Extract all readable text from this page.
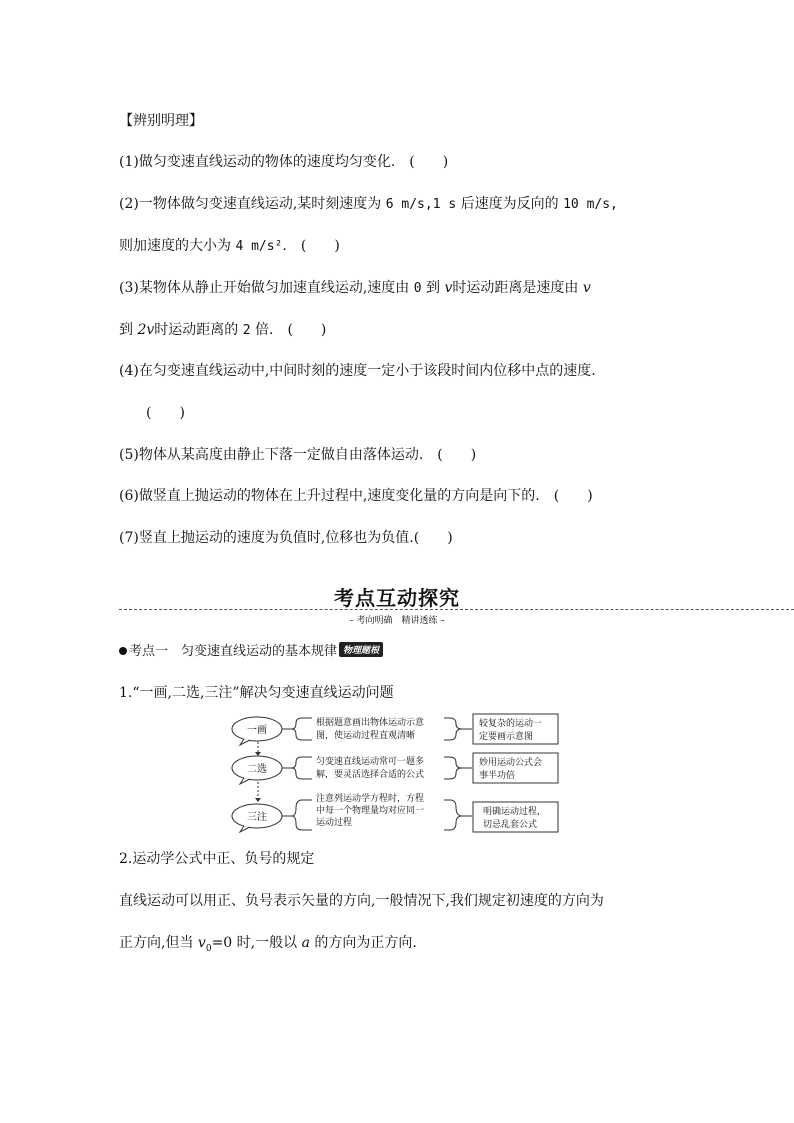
【辨别明理】
(1)做匀变速直线运动的物体的速度均匀变化.　(　　)
(2)一物体做匀变速直线运动,某时刻速度为 6 m/s,1 s 后速度为反向的 10 m/s,
则加速度的大小为 4 m/s².　(　　)
(3)某物体从静止开始做匀加速直线运动,速度由 0 到 v时运动距离是速度由 v
到 2v时运动距离的 2 倍.　(　　)
(4)在匀变速直线运动中,中间时刻的速度一定小于该段时间内位移中点的速度.
(　　)
(5)物体从某高度由静止下落一定做自由落体运动.　(　　)
(6)做竖直上抛运动的物体在上升过程中,速度变化量的方向是向下的.　(　　)
(7)竖直上抛运动的速度为负值时,位移也为负值.(　　)
考点互动探究
– 考向明确　精讲透练 –
考点一　匀变速直线运动的基本规律 物理题根
1.“一画,二选,三注”解决匀变速直线运动问题
一画
二选
三注
根据题意画出物体运动示意
图，使运动过程直观清晰
匀变速直线运动常可一题多
解，要灵活选择合适的公式
注意列运动学方程时，方程
中每一个物理量均对应同一
运动过程
较复杂的运动一
定要画示意图
妙用运动公式会
事半功倍
明确运动过程，
切忌乱套公式
2.运动学公式中正、负号的规定
直线运动可以用正、负号表示矢量的方向,一般情况下,我们规定初速度的方向为
正方向,但当 $v_0=0$ 时,一般以 a 的方向为正方向.
